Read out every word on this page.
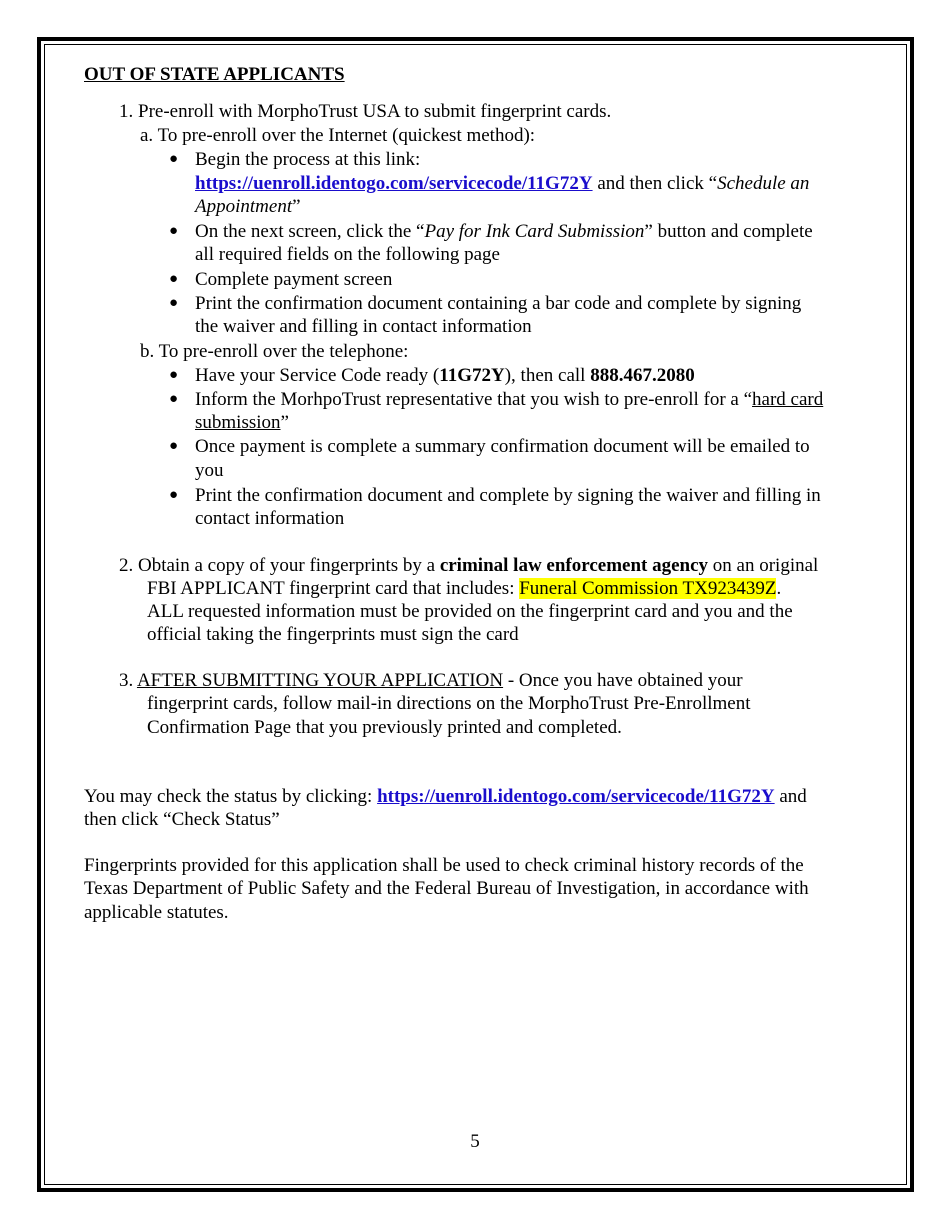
OUT OF STATE APPLICANTS
1. Pre-enroll with MorphoTrust USA to submit fingerprint cards.
a. To pre-enroll over the Internet (quickest method):
● Begin the process at this link:
https://uenroll.identogo.com/servicecode/11G72Y and then click “Schedule an
Appointment”
● On the next screen, click the “Pay for Ink Card Submission” button and complete
all required fields on the following page
● Complete payment screen
● Print the confirmation document containing a bar code and complete by signing
the waiver and filling in contact information
b. To pre-enroll over the telephone:
● Have your Service Code ready (11G72Y), then call 888.467.2080
● Inform the MorhpoTrust representative that you wish to pre-enroll for a “hard card
submission”
● Once payment is complete a summary confirmation document will be emailed to
you
● Print the confirmation document and complete by signing the waiver and filling in
contact information
2. Obtain a copy of your fingerprints by a criminal law enforcement agency on an original
FBI APPLICANT fingerprint card that includes: Funeral Commission TX923439Z.
ALL requested information must be provided on the fingerprint card and you and the
official taking the fingerprints must sign the card
3. AFTER SUBMITTING YOUR APPLICATION - Once you have obtained your
fingerprint cards, follow mail-in directions on the MorphoTrust Pre-Enrollment
Confirmation Page that you previously printed and completed.
You may check the status by clicking: https://uenroll.identogo.com/servicecode/11G72Y and
then click “Check Status”
Fingerprints provided for this application shall be used to check criminal history records of the
Texas Department of Public Safety and the Federal Bureau of Investigation, in accordance with
applicable statutes.
5
